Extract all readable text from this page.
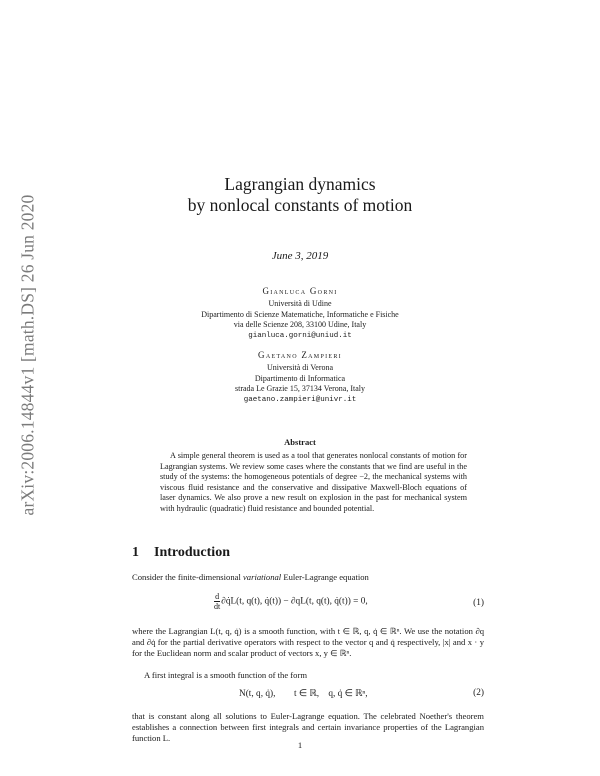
arXiv:2006.14844v1 [math.DS] 26 Jun 2020
Lagrangian dynamics
by nonlocal constants of motion
June 3, 2019
Gianluca Gorni
Università di Udine
Dipartimento di Scienze Matematiche, Informatiche e Fisiche
via delle Scienze 208, 33100 Udine, Italy
gianluca.gorni@uniud.it
Gaetano Zampieri
Università di Verona
Dipartimento di Informatica
strada Le Grazie 15, 37134 Verona, Italy
gaetano.zampieri@univr.it
Abstract
A simple general theorem is used as a tool that generates nonlocal constants of motion for Lagrangian systems. We review some cases where the constants that we find are useful in the study of the systems: the homogeneous potentials of degree −2, the mechanical systems with viscous fluid resistance and the conservative and dissipative Maxwell-Bloch equations of laser dynamics. We also prove a new result on explosion in the past for mechanical system with hydraulic (quadratic) fluid resistance and bounded potential.
1 Introduction
Consider the finite-dimensional variational Euler-Lagrange equation
$\frac{d}{dt}$ ∂q̇L(t, q(t), q̇(t)) − ∂qL(t, q(t), q̇(t)) = 0,	(1)
where the Lagrangian L(t, q, q̇) is a smooth function, with t ∈ ℝ, q, q̇ ∈ ℝⁿ. We use the notation ∂q and ∂q̇ for the partial derivative operators with respect to the vector q and q̇ respectively, |x| and x · y for the Euclidean norm and scalar product of vectors x, y ∈ ℝⁿ.
A first integral is a smooth function of the form
N(t, q, q̇),        t ∈ ℝ,    q, q̇ ∈ ℝⁿ,	(2)
that is constant along all solutions to Euler-Lagrange equation. The celebrated Noether's theorem establishes a connection between first integrals and certain invariance properties of the Lagrangian function L.
1
